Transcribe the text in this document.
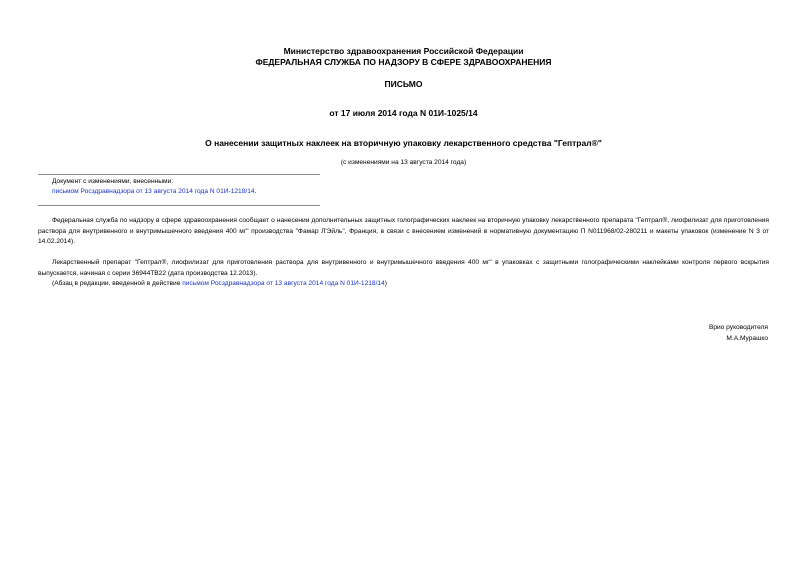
Министерство здравоохранения Российской Федерации
ФЕДЕРАЛЬНАЯ СЛУЖБА ПО НАДЗОРУ В СФЕРЕ ЗДРАВООХРАНЕНИЯ
ПИСЬМО
от 17 июля 2014 года N 01И-1025/14
О нанесении защитных наклеек на вторичную упаковку лекарственного средства "Гептрал®"
(с изменениями на 13 августа 2014 года)
Документ с изменениями, внесенными:
письмом Росздравнадзора от 13 августа 2014 года N 01И-1218/14.
Федеральная служба по надзору в сфере здравоохранения сообщает о нанесении дополнительных защитных голографических наклеек на вторичную упаковку лекарственного препарата "Гептрал®, лиофилизат для приготовления раствора для внутривенного и внутримышечного введения 400 мг" производства "Фамар Л'Эйль", Франция, в связи с внесением изменений в нормативную документацию П N011968/02-280211 и макеты упаковок (изменение N 3 от 14.02.2014).
Лекарственный препарат "Гептрал®, лиофилизат для приготовления раствора для внутривенного и внутримышечного введения 400 мг" в упаковках с защитными голографическими наклейками контроля первого вскрытия выпускается, начиная с серии 36944ТВ22 (дата производства 12.2013).
(Абзац в редакции, введенной в действие письмом Росздравнадзора от 13 августа 2014 года N 01И-1218/14)
Врио руководителя
М.А.Мурашко
